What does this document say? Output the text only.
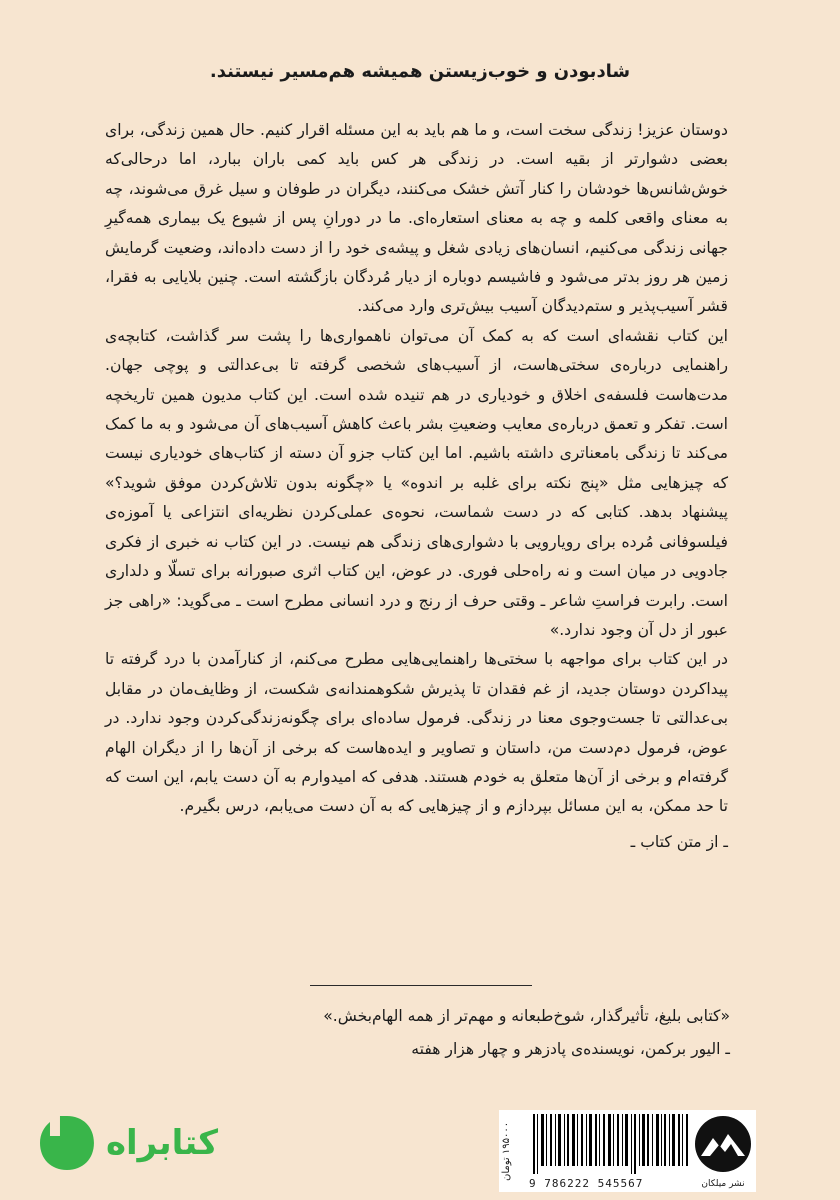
شادبودن و خوب‌زیستن همیشه هم‌مسیر نیستند.

دوستان عزیز! زندگی سخت است، و ما هم باید به این مسئله اقرار کنیم. حال همین زندگی، برای بعضی دشوارتر از بقیه است. در زندگی هر کس باید کمی باران ببارد، اما درحالی‌که خوش‌شانس‌ها خودشان را کنار آتش خشک می‌کنند، دیگران در طوفان و سیل غرق می‌شوند، چه به معنای واقعی کلمه و چه به معنای استعاره‌ای. ما در دورانِ پس از شیوع یک بیماری همه‌گیرِ جهانی زندگی می‌کنیم، انسان‌های زیادی شغل و پیشه‌ی خود را از دست داده‌اند، وضعیت گرمایش زمین هر روز بدتر می‌شود و فاشیسم دوباره از دیار مُردگان بازگشته است. چنین بلایایی به فقرا، قشر آسیب‌پذیر و ستم‌دیدگان آسیب بیش‌تری وارد می‌کند.

این کتاب نقشه‌ای است که به کمک آن می‌توان ناهمواری‌ها را پشت سر گذاشت، کتابچه‌ی راهنمایی درباره‌ی سختی‌هاست، از آسیب‌های شخصی گرفته تا بی‌عدالتی و پوچی جهان. مدت‌هاست فلسفه‌ی اخلاق و خودیاری در هم تنیده شده است. این کتاب مدیون همین تاریخچه است. تفکر و تعمق درباره‌ی معایب وضعیتِ بشر باعث کاهش آسیب‌های آن می‌شود و به ما کمک می‌کند تا زندگی بامعناتری داشته باشیم. اما این کتاب جزو آن دسته از کتاب‌های خودیاری نیست که چیزهایی مثل «پنج نکته برای غلبه بر اندوه» یا «چگونه بدون تلاش‌کردن موفق شوید؟» پیشنهاد بدهد. کتابی که در دست شماست، نحوه‌ی عملی‌کردن نظریه‌ای انتزاعی یا آموزه‌ی فیلسوفانی مُرده برای رویارویی با دشواری‌های زندگی هم نیست. در این کتاب نه خبری از فکری جادویی در میان است و نه راه‌حلی فوری. در عوض، این کتاب اثری صبورانه برای تسلّا و دلداری است. رابرت فراستِ شاعر ـ وقتی حرف از رنج و درد انسانی مطرح است ـ می‌گوید: «راهی جز عبور از دل آن وجود ندارد.»

در این کتاب برای مواجهه با سختی‌ها راهنمایی‌هایی مطرح می‌کنم، از کنارآمدن با درد گرفته تا پیداکردن دوستان جدید، از غم فقدان تا پذیرش شکوهمندانه‌ی شکست، از وظایف‌مان در مقابل بی‌عدالتی تا جست‌وجوی معنا در زندگی. فرمول ساده‌ای برای چگونه‌زندگی‌کردن وجود ندارد. در عوض، فرمول دم‌دست من، داستان و تصاویر و ایده‌هاست که برخی از آن‌ها را از دیگران الهام گرفته‌ام و برخی از آن‌ها متعلق به خودم هستند. هدفی که امیدوارم به آن دست یابم، این است که تا حد ممکن، به این مسائل بپردازم و از چیزهایی که به آن دست می‌یابم، درس بگیرم.

ـ از متن کتاب ـ

«کتابی بلیغ، تأثیرگذار، شوخ‌طبعانه و مهم‌تر از همه الهام‌بخش.»

ـ الیور برکمن، نویسنده‌ی پادزهر و چهار هزار هفته

کتابراه
۱۹۵۰۰۰ تومان
9 786222 545567	نشر میلکان
